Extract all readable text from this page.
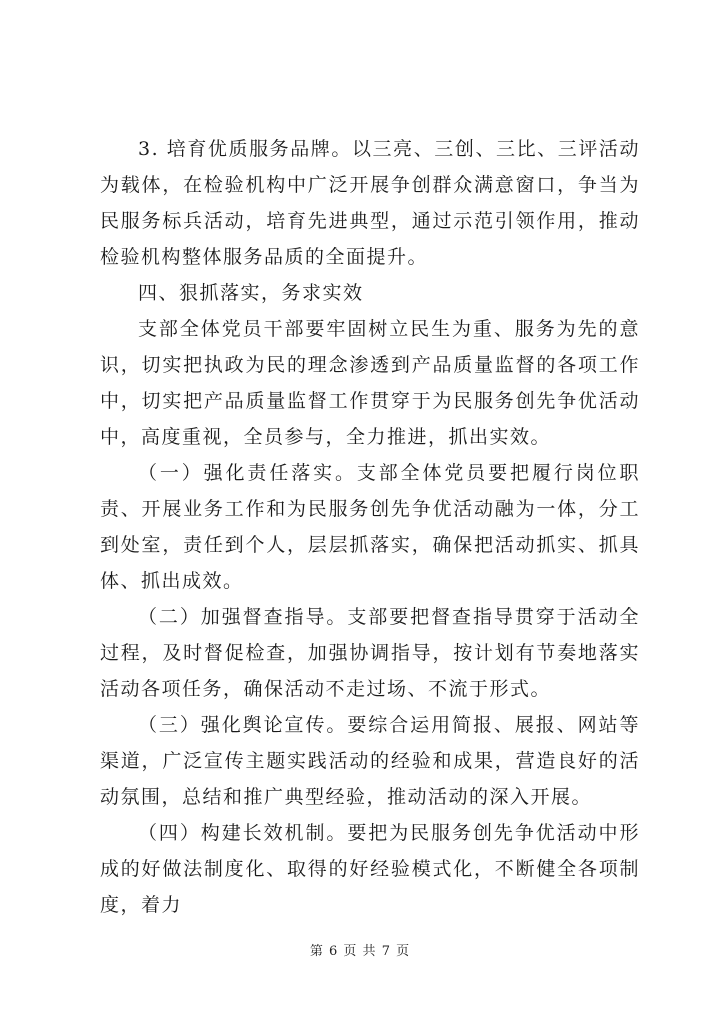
3. 培育优质服务品牌。以三亮、三创、三比、三评活动为载体，在检验机构中广泛开展争创群众满意窗口，争当为民服务标兵活动，培育先进典型，通过示范引领作用，推动检验机构整体服务品质的全面提升。

四、狠抓落实，务求实效

支部全体党员干部要牢固树立民生为重、服务为先的意识，切实把执政为民的理念渗透到产品质量监督的各项工作中，切实把产品质量监督工作贯穿于为民服务创先争优活动中，高度重视，全员参与，全力推进，抓出实效。

（一）强化责任落实。支部全体党员要把履行岗位职责、开展业务工作和为民服务创先争优活动融为一体，分工到处室，责任到个人，层层抓落实，确保把活动抓实、抓具体、抓出成效。

（二）加强督查指导。支部要把督查指导贯穿于活动全过程，及时督促检查，加强协调指导，按计划有节奏地落实活动各项任务，确保活动不走过场、不流于形式。

（三）强化舆论宣传。要综合运用简报、展报、网站等渠道，广泛宣传主题实践活动的经验和成果，营造良好的活动氛围，总结和推广典型经验，推动活动的深入开展。

（四）构建长效机制。要把为民服务创先争优活动中形成的好做法制度化、取得的好经验模式化，不断健全各项制度，着力

第 6 页 共 7 页
